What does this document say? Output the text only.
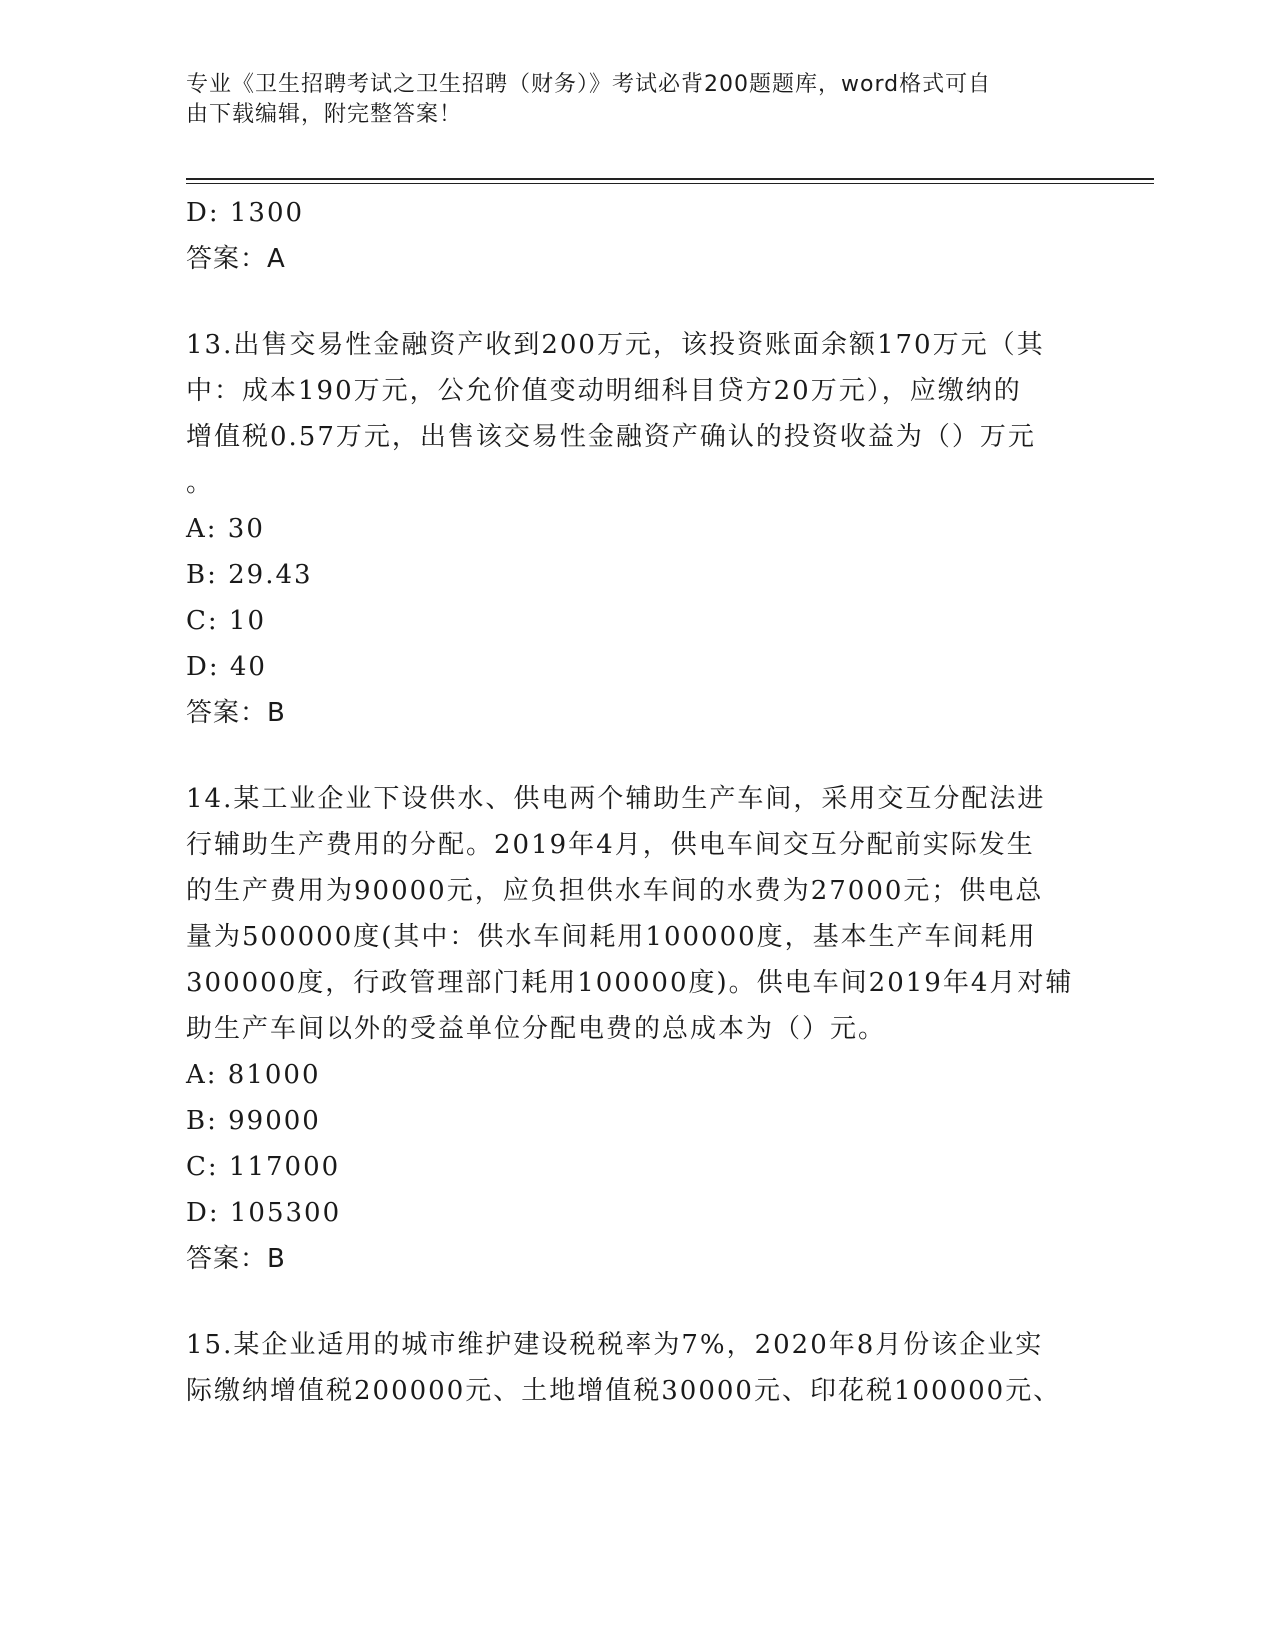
专业《卫生招聘考试之卫生招聘（财务）》考试必背200题题库，word格式可自
由下载编辑，附完整答案！
D: 1300
答案：A
13.出售交易性金融资产收到200万元，该投资账面余额170万元（其
中：成本190万元，公允价值变动明细科目贷方20万元），应缴纳的
增值税0.57万元，出售该交易性金融资产确认的投资收益为（）万元
。
A: 30
B: 29.43
C: 10
D: 40
答案：B
14.某工业企业下设供水、供电两个辅助生产车间，采用交互分配法进
行辅助生产费用的分配。2019年4月，供电车间交互分配前实际发生
的生产费用为90000元，应负担供水车间的水费为27000元；供电总
量为500000度(其中：供水车间耗用100000度，基本生产车间耗用
300000度，行政管理部门耗用100000度)。供电车间2019年4月对辅
助生产车间以外的受益单位分配电费的总成本为（）元。
A: 81000
B: 99000
C: 117000
D: 105300
答案：B
15.某企业适用的城市维护建设税税率为7%，2020年8月份该企业实
际缴纳增值税200000元、土地增值税30000元、印花税100000元、
